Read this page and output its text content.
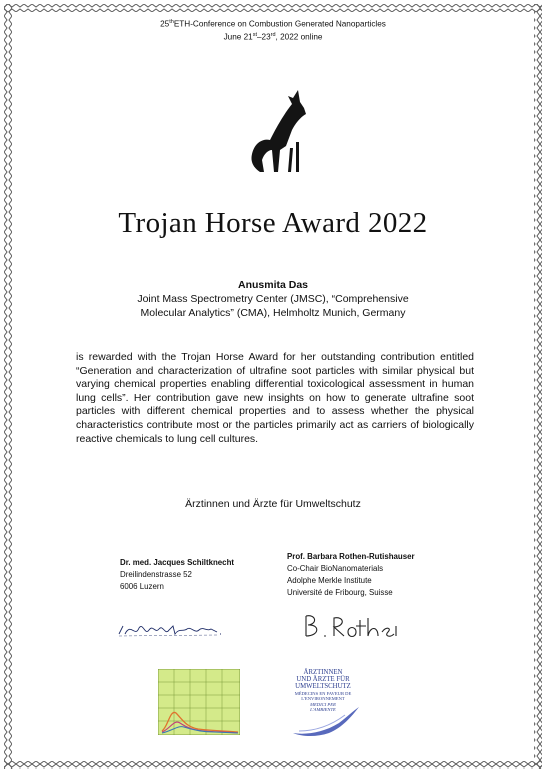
25thETH-Conference on Combustion Generated Nanoparticles
June 21st–23rd, 2022 online
Trojan Horse Award 2022
Anusmita Das
Joint Mass Spectrometry Center (JMSC), “Comprehensive
Molecular Analytics” (CMA), Helmholtz Munich, Germany
is rewarded with the Trojan Horse Award for her outstanding contribution entitled “Generation and characterization of ultrafine soot particles with similar physical but varying chemical properties enabling differential toxicological assessment in human lung cells”. Her contribution gave new insights on how to generate ultrafine soot particles with different chemical properties and to assess whether the physical characteristics contribute most or the particles primarily act as carriers of biologically reactive chemicals to lung cell cultures.
Ärztinnen und Ärzte für Umweltschutz
Dr. med. Jacques Schiltknecht
Dreilindenstrasse 52
6006 Luzern
Prof. Barbara Rothen-Rutishauser
Co-Chair BioNanomaterials
Adolphe Merkle Institute
Université de Fribourg, Suisse
ÄRZTINNEN
UND ÄRZTE FÜR
UMWELTSCHUTZ
MÉDECINS EN FAVEUR DE
L'ENVIRONNEMENT
MEDICI PER
L'AMBIENTE
